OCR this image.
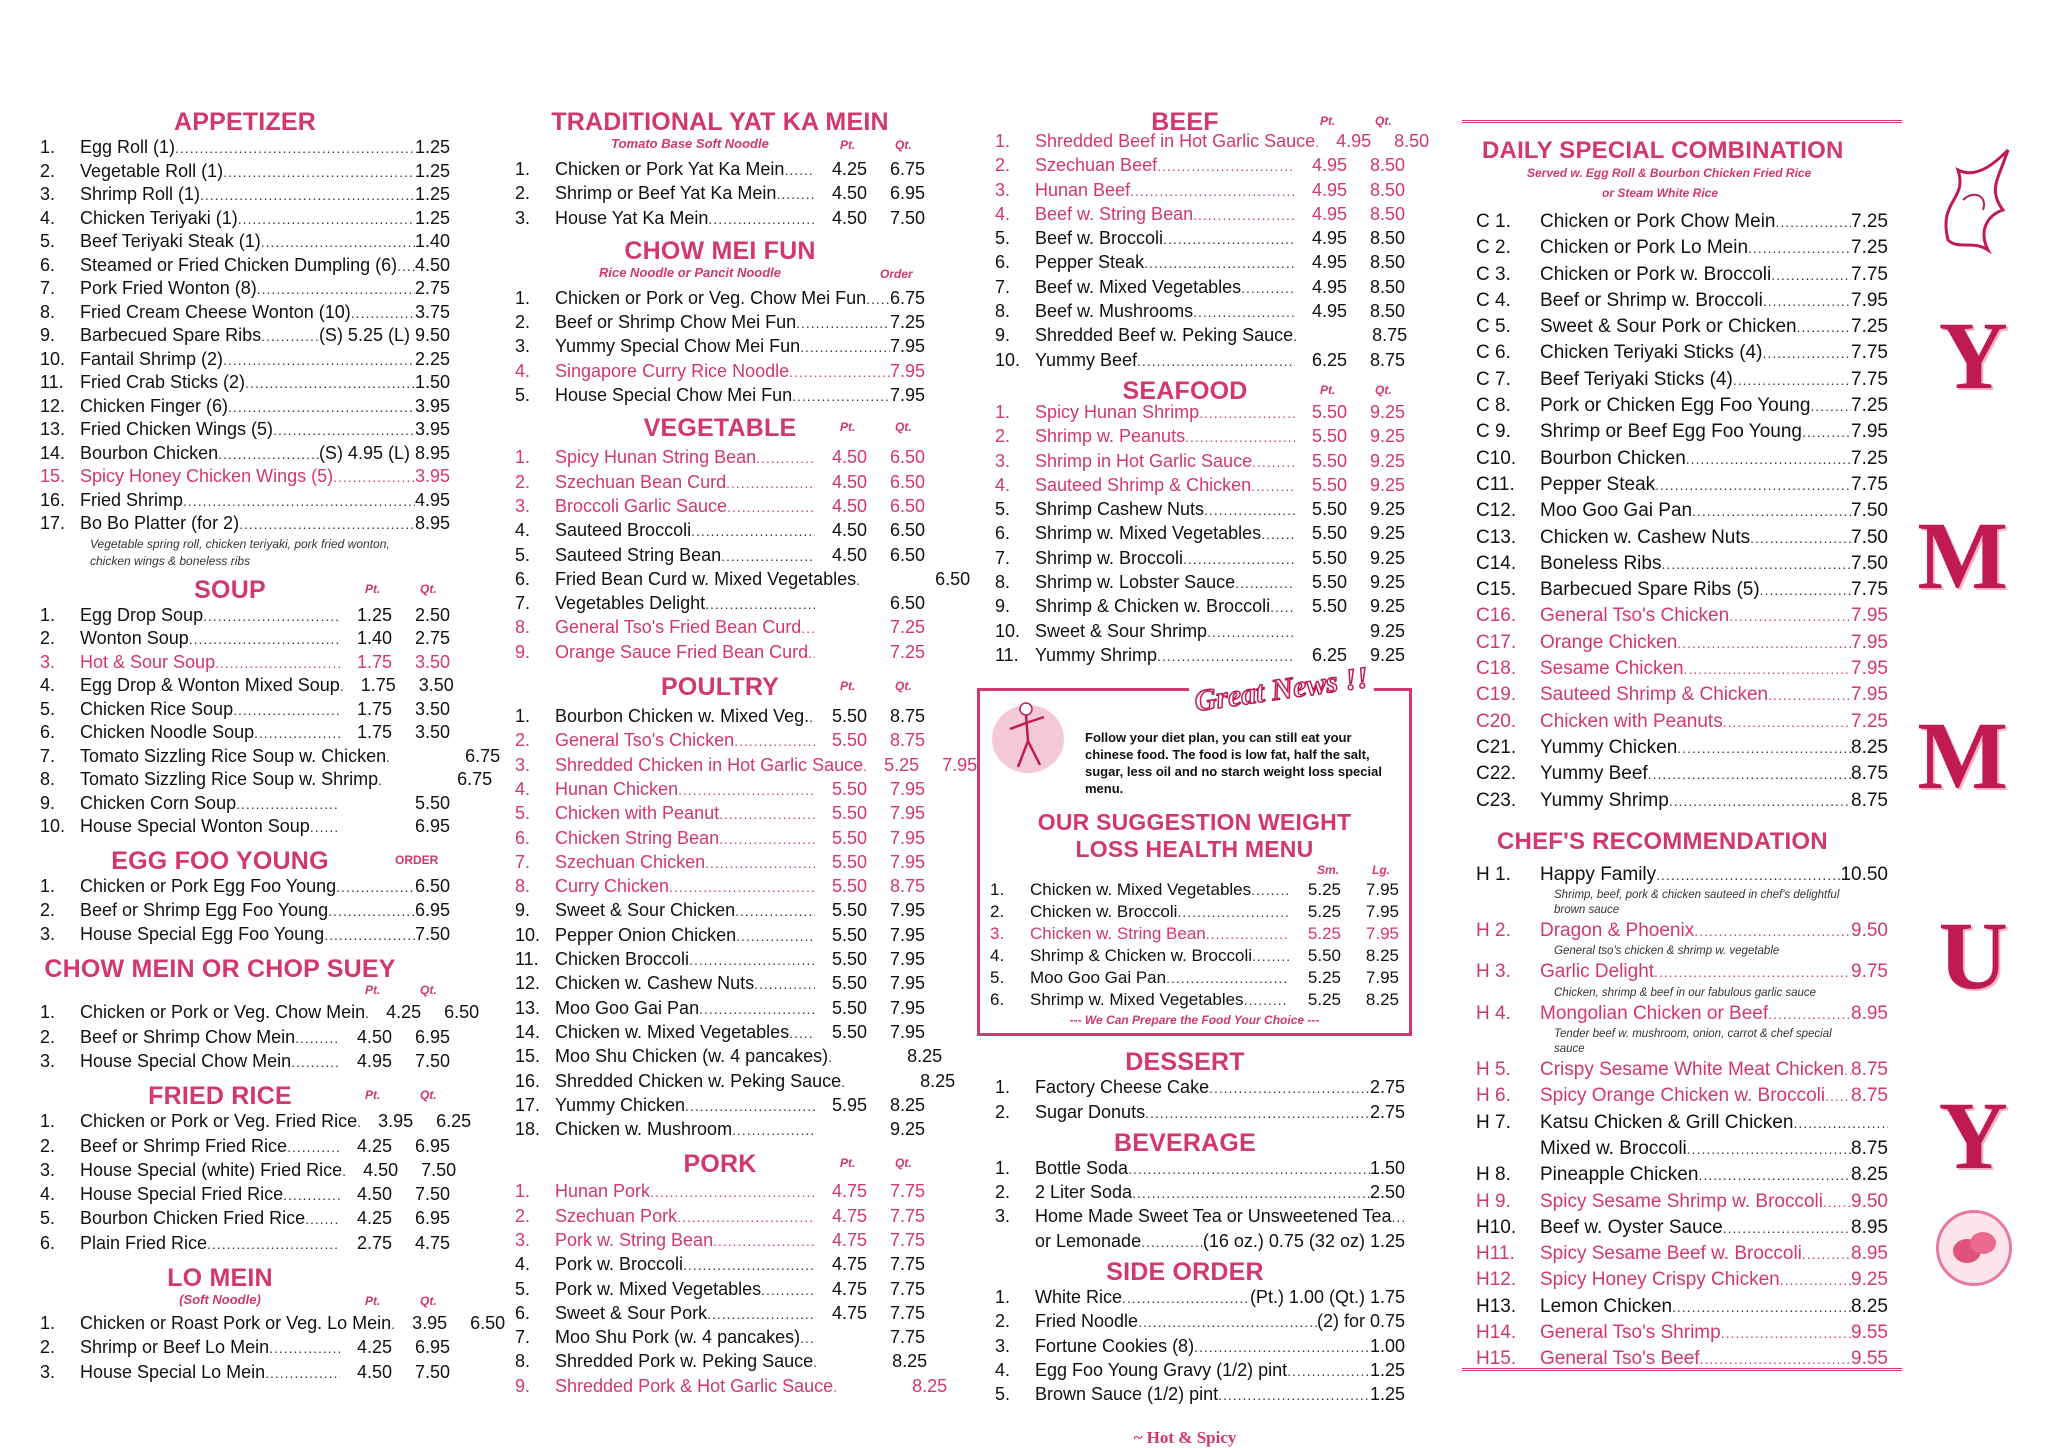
APPETIZER
1.	Egg Roll (1) .....	1.25
2.	Vegetable Roll (1) .....	1.25
3.	Shrimp Roll (1) .....	1.25
4.	Chicken Teriyaki (1) .....	1.25
5.	Beef Teriyaki Steak (1) .....	1.40
6.	Steamed or Fried Chicken Dumpling (6) ..... 4.50
7.	Pork Fried Wonton (8) .....	2.75
8.	Fried Cream Cheese Wonton (10) .....	3.75
9.	Barbecued Spare Ribs .....	(S) 5.25 (L) 9.50
10. Fantail Shrimp (2) .....	2.25
11. Fried Crab Sticks (2) .....	1.50
12. Chicken Finger (6) .....	3.95
13. Fried Chicken Wings (5) .....	3.95
14. Bourbon Chicken .....	(S) 4.95 (L) 8.95
15. Spicy Honey Chicken Wings (5) .....	3.95
16. Fried Shrimp .....	4.95
17. Bo Bo Platter (for 2) .....	8.95
Vegetable spring roll, chicken teriyaki, pork fried wonton, chicken wings & boneless ribs
SOUP	Pt.	Qt.
1.	Egg Drop Soup .....	1.25	2.50
2.	Wonton Soup .....	1.40	2.75
3.	Hot & Sour Soup .....	1.75	3.50
4.	Egg Drop & Wonton Mixed Soup .....	1.75	3.50
5.	Chicken Rice Soup .....	1.75	3.50
6.	Chicken Noodle Soup .....	1.75	3.50
7.	Tomato Sizzling Rice Soup w. Chicken .....	6.75
8.	Tomato Sizzling Rice Soup w. Shrimp .....	6.75
9.	Chicken Corn Soup .....	5.50
10. House Special Wonton Soup .....	6.95
EGG FOO YOUNG	ORDER
1.	Chicken or Pork Egg Foo Young .....	6.50
2.	Beef or Shrimp Egg Foo Young .....	6.95
3.	House Special Egg Foo Young .....	7.50
CHOW MEIN OR CHOP SUEY
Pt.	Qt.
1.	Chicken or Pork or Veg. Chow Mein .....	4.25	6.50
2.	Beef or Shrimp Chow Mein .....	4.50	6.95
3.	House Special Chow Mein .....	4.95	7.50
FRIED RICE	Pt.	Qt.
1.	Chicken or Pork or Veg. Fried Rice .....	3.95	6.25
2.	Beef or Shrimp Fried Rice .....	4.25	6.95
3.	House Special (white) Fried Rice .....	4.50	7.50
4.	House Special Fried Rice .....	4.50	7.50
5.	Bourbon Chicken Fried Rice .....	4.25	6.95
6.	Plain Fried Rice .....	2.75	4.75
LO MEIN
(Soft Noodle)	Pt.	Qt.
1.	Chicken or Roast Pork or Veg. Lo Mein .....	3.95	6.50
2.	Shrimp or Beef Lo Mein .....	4.25	6.95
3.	House Special Lo Mein .....	4.50	7.50
TRADITIONAL YAT KA MEIN
Tomato Base Soft Noodle	Pt.	Qt.
1.	Chicken or Pork Yat Ka Mein .....	4.25	6.75
2.	Shrimp or Beef Yat Ka Mein .....	4.50	6.95
3.	House Yat Ka Mein .....	4.50	7.50
CHOW MEI FUN
Rice Noodle or Pancit Noodle	Order
1.	Chicken or Pork or Veg. Chow Mei Fun ..... 6.75
2.	Beef or Shrimp Chow Mei Fun .....	7.25
3.	Yummy Special Chow Mei Fun .....	7.95
4.	Singapore Curry Rice Noodle .....	7.95
5.	House Special Chow Mei Fun .....	7.95
VEGETABLE	Pt.	Qt.
1.	Spicy Hunan String Bean .....	4.50	6.50
2.	Szechuan Bean Curd .....	4.50	6.50
3.	Broccoli Garlic Sauce .....	4.50	6.50
4.	Sauteed Broccoli .....	4.50	6.50
5.	Sauteed String Bean .....	4.50	6.50
6.	Fried Bean Curd w. Mixed Vegetables .....	6.50
7.	Vegetables Delight .....	6.50
8.	General Tso's Fried Bean Curd .....	7.25
9.	Orange Sauce Fried Bean Curd .....	7.25
POULTRY	Pt.	Qt.
1.	Bourbon Chicken w. Mixed Veg. .....	5.50	8.75
2.	General Tso's Chicken .....	5.50	8.75
3.	Shredded Chicken in Hot Garlic Sauce .....	5.25	7.95
4.	Hunan Chicken .....	5.50	7.95
5.	Chicken with Peanut .....	5.50	7.95
6.	Chicken String Bean .....	5.50	7.95
7.	Szechuan Chicken .....	5.50	7.95
8.	Curry Chicken .....	5.50	8.75
9.	Sweet & Sour Chicken .....	5.50	7.95
10. Pepper Onion Chicken .....	5.50	7.95
11. Chicken Broccoli .....	5.50	7.95
12. Chicken w. Cashew Nuts .....	5.50	7.95
13. Moo Goo Gai Pan .....	5.50	7.95
14. Chicken w. Mixed Vegetables .....	5.50	7.95
15. Moo Shu Chicken (w. 4 pancakes) .....	8.25
16. Shredded Chicken w. Peking Sauce .....	8.25
17. Yummy Chicken .....	5.95	8.25
18. Chicken w. Mushroom .....	9.25
PORK	Pt.	Qt.
1.	Hunan Pork .....	4.75	7.75
2.	Szechuan Pork .....	4.75	7.75
3.	Pork w. String Bean .....	4.75	7.75
4.	Pork w. Broccoli .....	4.75	7.75
5.	Pork w. Mixed Vegetables .....	4.75	7.75
6.	Sweet & Sour Pork .....	4.75	7.75
7.	Moo Shu Pork (w. 4 pancakes) .....	7.75
8.	Shredded Pork w. Peking Sauce .....	8.25
9.	Shredded Pork & Hot Garlic Sauce .....	8.25
BEEF	Pt.	Qt.
1.	Shredded Beef in Hot Garlic Sauce .....	4.95	8.50
2.	Szechuan Beef .....	4.95	8.50
3.	Hunan Beef .....	4.95	8.50
4.	Beef w. String Bean .....	4.95	8.50
5.	Beef w. Broccoli .....	4.95	8.50
6.	Pepper Steak .....	4.95	8.50
7.	Beef w. Mixed Vegetables .....	4.95	8.50
8.	Beef w. Mushrooms .....	4.95	8.50
9.	Shredded Beef w. Peking Sauce .....	8.75
10. Yummy Beef .....	6.25	8.75
SEAFOOD	Pt.	Qt.
1.	Spicy Hunan Shrimp .....	5.50	9.25
2.	Shrimp w. Peanuts .....	5.50	9.25
3.	Shrimp in Hot Garlic Sauce .....	5.50	9.25
4.	Sauteed Shrimp & Chicken .....	5.50	9.25
5.	Shrimp Cashew Nuts .....	5.50	9.25
6.	Shrimp w. Mixed Vegetables .....	5.50	9.25
7.	Shrimp w. Broccoli .....	5.50	9.25
8.	Shrimp w. Lobster Sauce .....	5.50	9.25
9.	Shrimp & Chicken w. Broccoli .....	5.50	9.25
10. Sweet & Sour Shrimp .....	9.25
11. Yummy Shrimp .....	6.25	9.25
Great News !!
Follow your diet plan, you can still eat your chinese food. The food is low fat, half the salt, sugar, less oil and no starch weight loss special menu.
OUR SUGGESTION WEIGHT LOSS HEALTH MENU
Sm.	Lg.
1.	Chicken w. Mixed Vegetables .....	5.25	7.95
2.	Chicken w. Broccoli .....	5.25	7.95
3.	Chicken w. String Bean .....	5.25	7.95
4.	Shrimp & Chicken w. Broccoli .....	5.50	8.25
5.	Moo Goo Gai Pan .....	5.25	7.95
6.	Shrimp w. Mixed Vegetables .....	5.25	8.25
--- We Can Prepare the Food Your Choice ---
DESSERT
1.	Factory Cheese Cake .....	2.75
2.	Sugar Donuts .....	2.75
BEVERAGE
1.	Bottle Soda .....	1.50
2.	2 Liter Soda .....	2.50
3.	Home Made Sweet Tea or Unsweetened Tea
.....
or Lemonade .....	(16 oz.) 0.75 (32 oz) 1.25
SIDE ORDER
1.	White Rice .....	(Pt.) 1.00 (Qt.) 1.75
2.	Fried Noodle .....	(2) for 0.75
3.	Fortune Cookies (8) .....	1.00
4.	Egg Foo Young Gravy (1/2) pint .....	1.25
5.	Brown Sauce (1/2) pint .....	1.25
~ Hot & Spicy
DAILY SPECIAL COMBINATION
Served w. Egg Roll & Bourbon Chicken Fried Rice
or Steam White Rice
C 1.	Chicken or Pork Chow Mein .....	7.25
C 2.	Chicken or Pork Lo Mein .....	7.25
C 3.	Chicken or Pork w. Broccoli .....	7.75
C 4.	Beef or Shrimp w. Broccoli .....	7.95
C 5.	Sweet & Sour Pork or Chicken .....	7.25
C 6.	Chicken Teriyaki Sticks (4) .....	7.75
C 7.	Beef Teriyaki Sticks (4) .....	7.75
C 8.	Pork or Chicken Egg Foo Young ..... 7.25
C 9.	Shrimp or Beef Egg Foo Young .....	7.95
C10.	Bourbon Chicken .....	7.25
C11.	Pepper Steak .....	7.75
C12.	Moo Goo Gai Pan .....	7.50
C13.	Chicken w. Cashew Nuts .....	7.50
C14.	Boneless Ribs .....	7.50
C15.	Barbecued Spare Ribs (5) .....	7.75
C16.	General Tso's Chicken .....	7.95
C17.	Orange Chicken .....	7.95
C18.	Sesame Chicken .....	7.95
C19.	Sauteed Shrimp & Chicken .....	7.95
C20.	Chicken with Peanuts .....	7.25
C21.	Yummy Chicken .....	8.25
C22.	Yummy Beef .....	8.75
C23.	Yummy Shrimp .....	8.75
CHEF'S RECOMMENDATION
H 1.	Happy Family .....	10.50
Shrimp, beef, pork & chicken sauteed in chef's delightful brown sauce
H 2.	Dragon & Phoenix .....	9.50
General tso's chicken & shrimp w. vegetable
H 3.	Garlic Delight .....	9.75
Chicken, shrimp & beef in our fabulous garlic sauce
H 4.	Mongolian Chicken or Beef .....	8.95
Tender beef w. mushroom, onion, carrot & chef special sauce
H 5.	Crispy Sesame White Meat Chicken ..... 8.75
H 6.	Spicy Orange Chicken w. Broccoli ..... 8.75
H 7.	Katsu Chicken & Grill Chicken
.....
Mixed w. Broccoli .....	8.75
H 8.	Pineapple Chicken .....	8.25
H 9.	Spicy Sesame Shrimp w. Broccoli ..... 9.50
H10.	Beef w. Oyster Sauce .....	8.95
H11.	Spicy Sesame Beef w. Broccoli .....	8.95
H12.	Spicy Honey Crispy Chicken .....	9.25
H13.	Lemon Chicken .....	8.25
H14.	General Tso's Shrimp .....	9.55
H15.	General Tso's Beef .....	9.55
Y
M
M
U
Y
